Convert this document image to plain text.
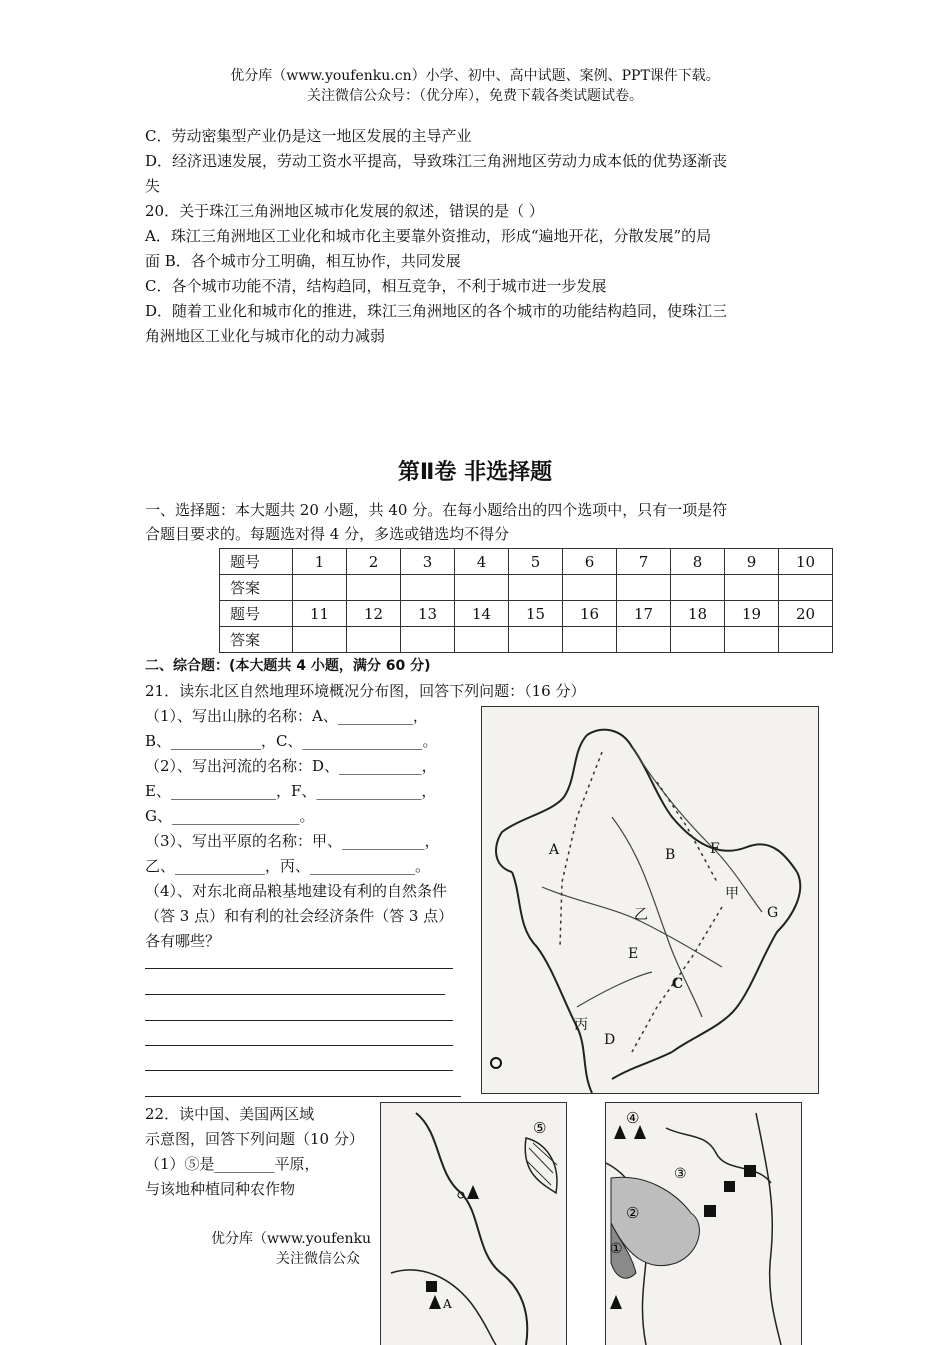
优分库（www.youfenku.cn）小学、初中、高中试题、案例、PPT课件下载。
关注微信公众号：（优分库），免费下载各类试题试卷。
C．劳动密集型产业仍是这一地区发展的主导产业
D．经济迅速发展，劳动工资水平提高，导致珠江三角洲地区劳动力成本低的优势逐渐丧
失
20．关于珠江三角洲地区城市化发展的叙述，错误的是（ ）
A．珠江三角洲地区工业化和城市化主要靠外资推动，形成“遍地开花，分散发展”的局
面 B．各个城市分工明确，相互协作，共同发展
C．各个城市功能不清，结构趋同，相互竞争，不利于城市进一步发展
D．随着工业化和城市化的推进，珠江三角洲地区的各个城市的功能结构趋同，使珠江三
角洲地区工业化与城市化的动力减弱
第Ⅱ卷 非选择题
一、选择题：本大题共 20 小题，共 40 分。在每小题给出的四个选项中，只有一项是符
合题目要求的。每题选对得 4 分，多选或错选均不得分
题号	1	2	3	4	5	6	7	8	9	10
答案										
题号	11	12	13	14	15	16	17	18	19	20
答案										
二、综合题：(本大题共 4 小题，满分 60 分)
21．读东北区自然地理环境概况分布图，回答下列问题：（16 分）
（1）、写出山脉的名称：A、__________，
B、____________，C、________________。
（2）、写出河流的名称：D、___________，
E、______________，F、______________，
G、_________________。
（3）、写出平原的名称：甲、___________，
乙、____________，丙、______________。
（4）、对东北商品粮基地建设有利的自然条件
（答 3 点）和有利的社会经济条件（答 3 点）
各有哪些？
A	B F
甲
G
乙
E
C
丙
D
22．读中国、美国两区域
示意图，回答下列问题（10 分）
（1）⑤是________平原，
与该地种植同种农作物
⑤
A
④
③
②
①
优分库（www.youfenku
关注微信公众
